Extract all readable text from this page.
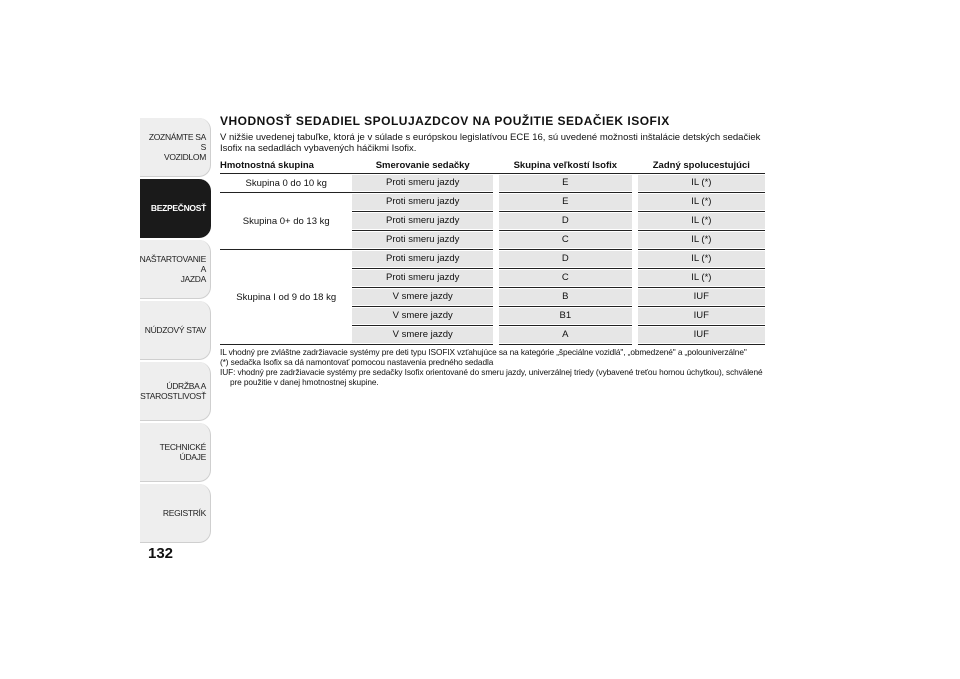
ZOZNÁMTE SA S
VOZIDLOM
BEZPEČNOSŤ
NAŠTARTOVANIE A
JAZDA
NÚDZOVÝ STAV
ÚDRŽBA A
STAROSTLIVOSŤ
TECHNICKÉ ÚDAJE
REGISTRÍK
132
VHODNOSŤ SEDADIEL SPOLUJAZDCOV NA POUŽITIE SEDAČIEK ISOFIX

V nižšie uvedenej tabuľke, ktorá je v súlade s európskou legislatívou ECE 16, sú uvedené možnosti inštalácie detských sedačiek Isofix na sedadlách vybavených háčikmi Isofix.

Hmotnostná skupina	Smerovanie sedačky		Skupina veľkostí Isofix		Zadný spolucestujúci
Skupina 0 do 10 kg	Proti smeru jazdy		E		IL (*)

Skupina 0+ do 13 kg	Proti smeru jazdy		E		IL (*)

	Proti smeru jazdy		D		IL (*)

	Proti smeru jazdy		C		IL (*)

Skupina I od 9 do 18 kg	Proti smeru jazdy		D		IL (*)

	Proti smeru jazdy		C		IL (*)

	V smere jazdy		B		IUF

	V smere jazdy		B1		IUF

	V smere jazdy		A		IUF

IL vhodný pre zvláštne zadržiavacie systémy pre deti typu ISOFIX vzťahujúce sa na kategórie „špeciálne vozidlá", „obmedzené" a „polouniverzálne"

(*) sedačka Isofix sa dá namontovať pomocou nastavenia predného sedadla

IUF: vhodný pre zadržiavacie systémy pre sedačky Isofix orientované do smeru jazdy, univerzálnej triedy (vybavené treťou hornou úchytkou), schválené pre použitie v danej hmotnostnej skupine.
